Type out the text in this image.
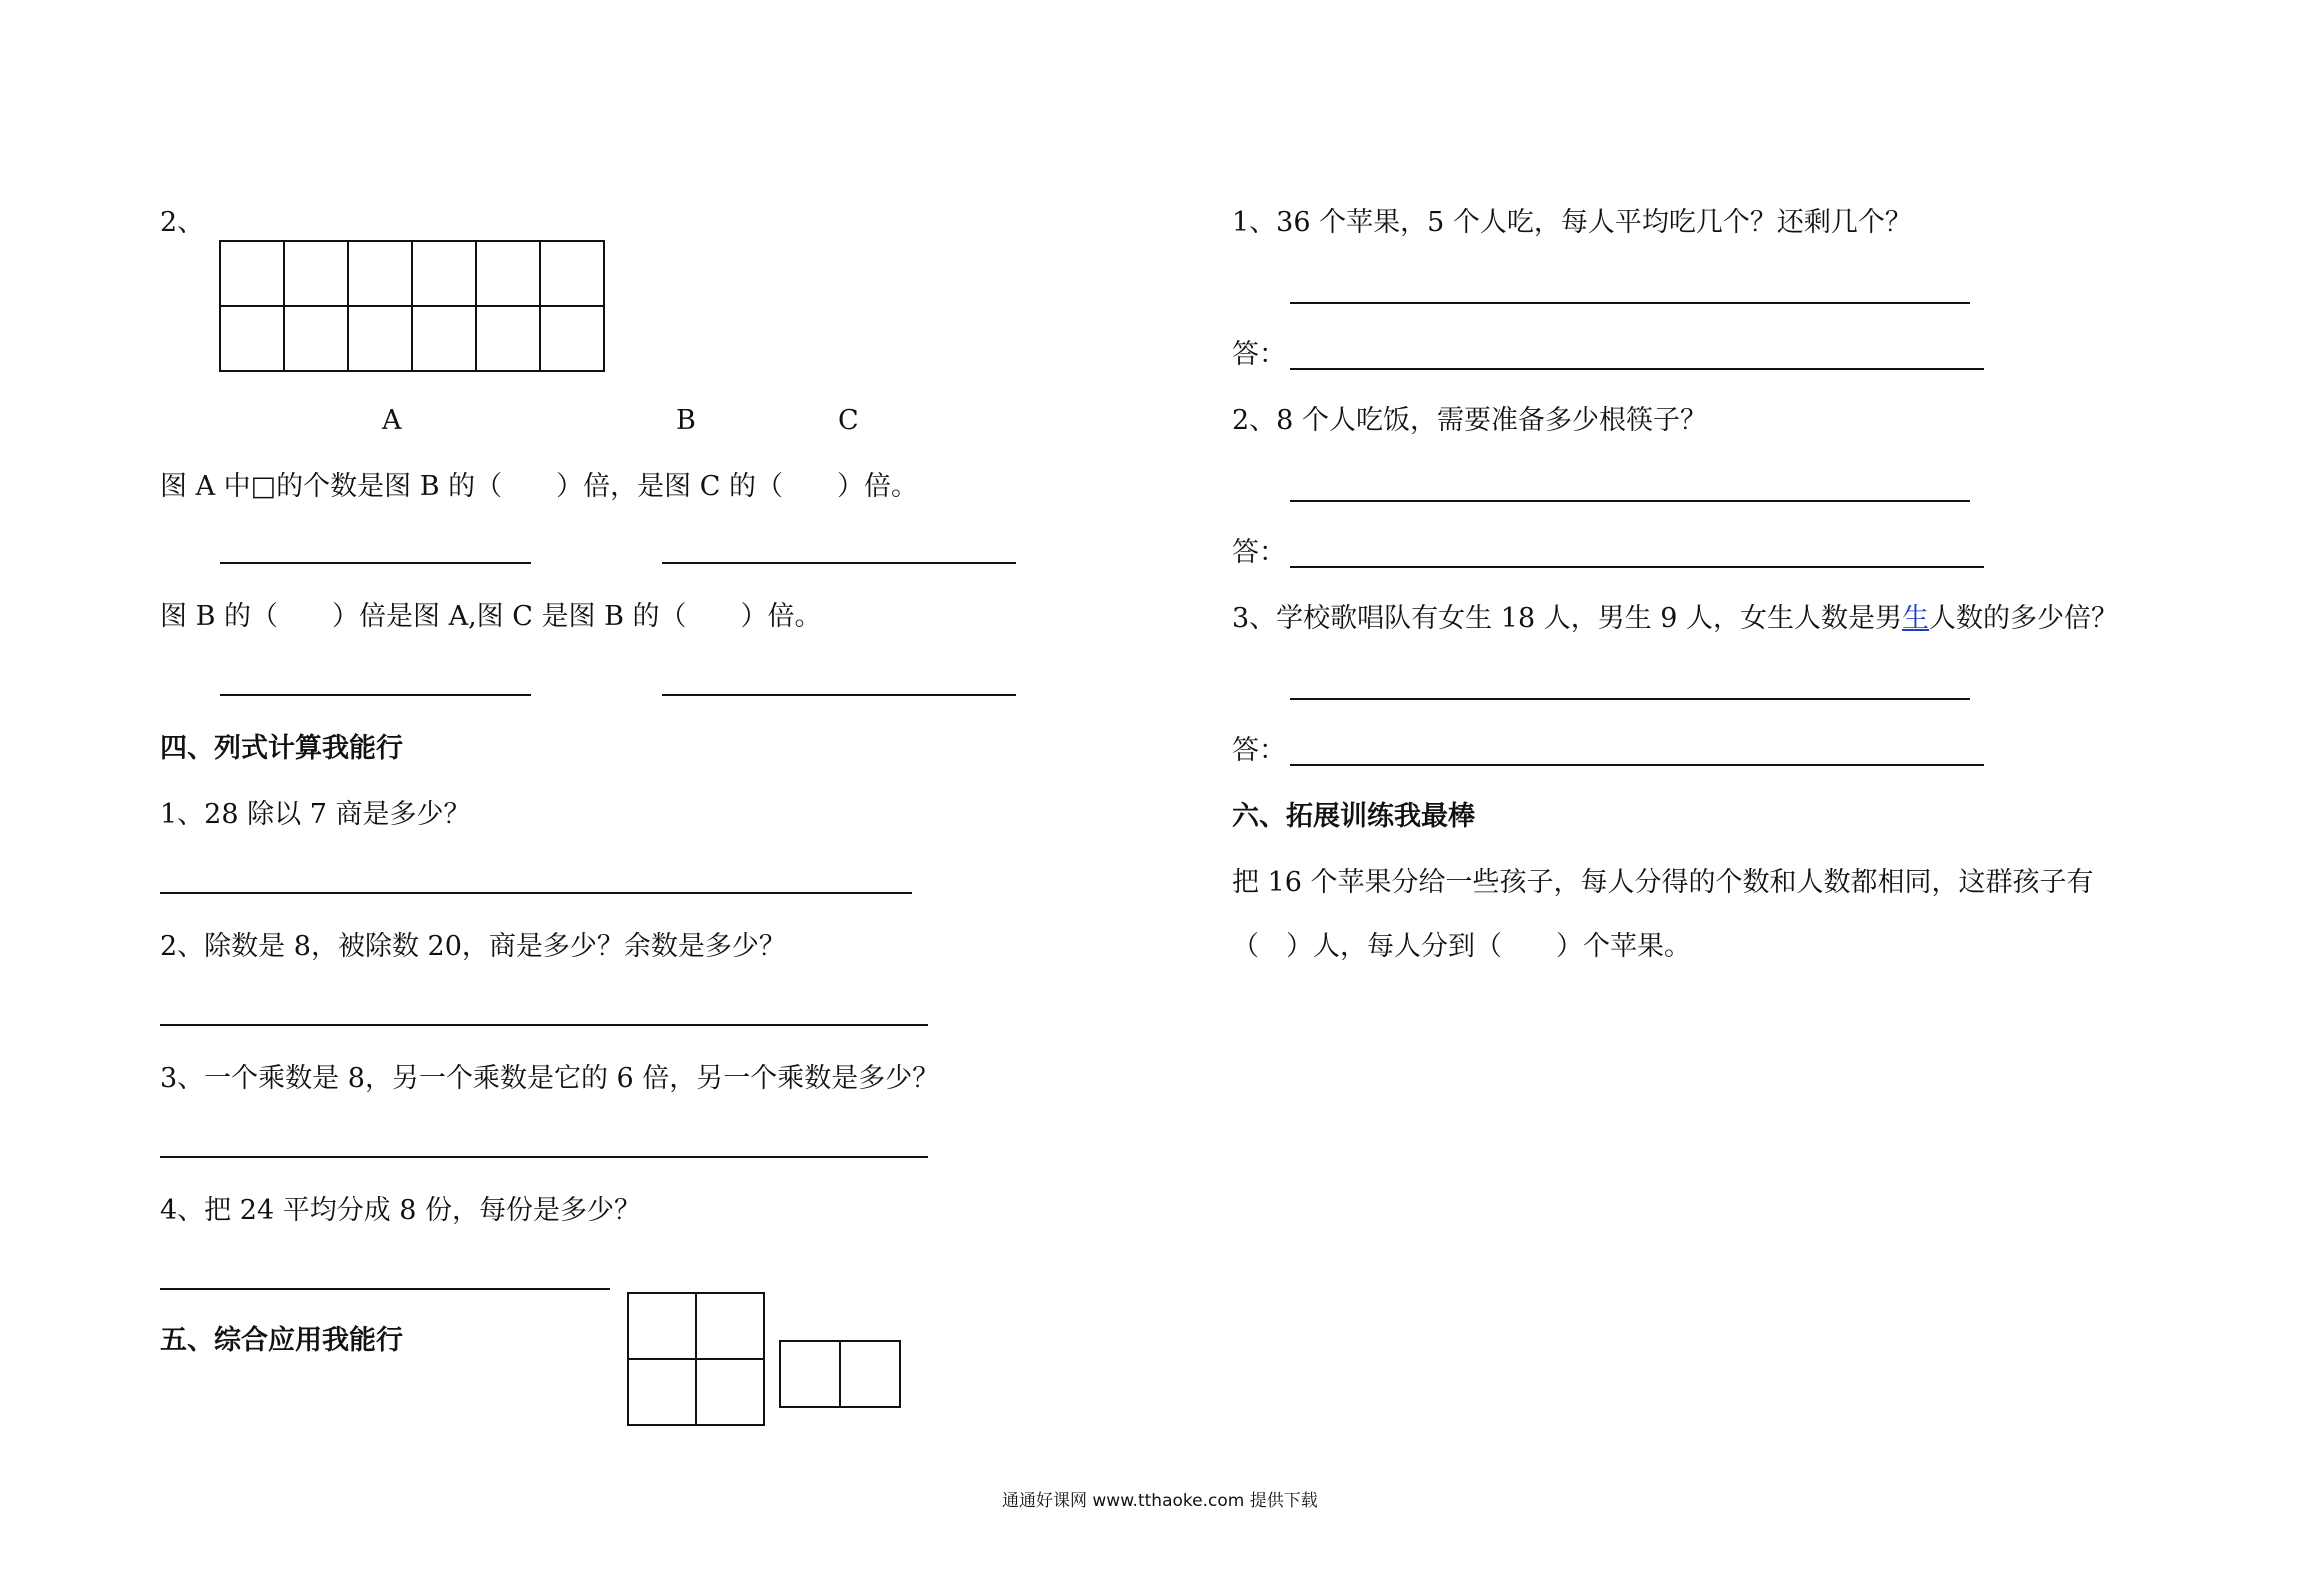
2、

A	B	C
图 A 中□的个数是图 B 的（　　）倍，是图 C 的（　　）倍。
图 B 的（　　）倍是图 A,图 C 是图 B 的（　　）倍。
四、列式计算我能行
1、28 除以 7 商是多少？
2、除数是 8，被除数 20，商是多少？余数是多少？
3、一个乘数是 8，另一个乘数是它的 6 倍，另一个乘数是多少？
4、把 24 平均分成 8 份，每份是多少？
五、综合应用我能行

1、36 个苹果，5 个人吃，每人平均吃几个？还剩几个？
答：
2、8 个人吃饭，需要准备多少根筷子？
答：
3、学校歌唱队有女生 18 人，男生 9 人，女生人数是男生人数的多少倍？
答：
六、拓展训练我最棒
把 16 个苹果分给一些孩子，每人分得的个数和人数都相同，这群孩子有
（　）人，每人分到（　　）个苹果。
通通好课网 www.tthaoke.com 提供下载
